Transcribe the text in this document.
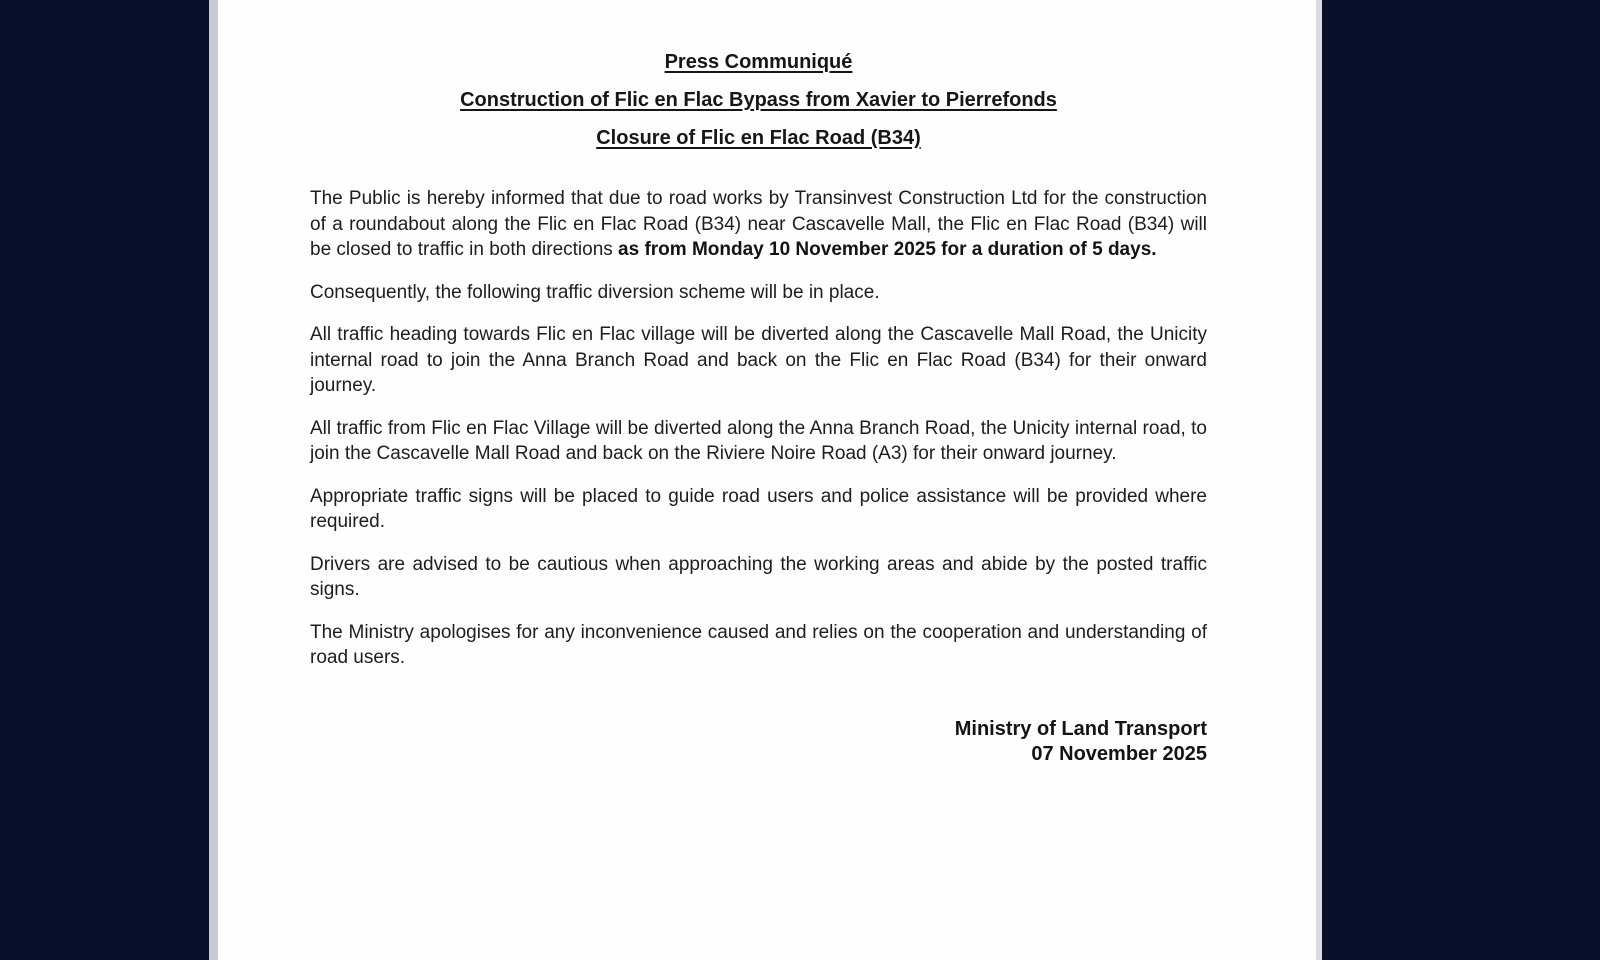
Press Communiqué
Construction of Flic en Flac Bypass from Xavier to Pierrefonds
Closure of Flic en Flac Road (B34)

The Public is hereby informed that due to road works by Transinvest Construction Ltd for the construction of a roundabout along the Flic en Flac Road (B34) near Cascavelle Mall, the Flic en Flac Road (B34) will be closed to traffic in both directions as from Monday 10 November 2025 for a duration of 5 days.

Consequently, the following traffic diversion scheme will be in place.

All traffic heading towards Flic en Flac village will be diverted along the Cascavelle Mall Road, the Unicity internal road to join the Anna Branch Road and back on the Flic en Flac Road (B34) for their onward journey.

All traffic from Flic en Flac Village will be diverted along the Anna Branch Road, the Unicity internal road, to join the Cascavelle Mall Road and back on the Riviere Noire Road (A3) for their onward journey.

Appropriate traffic signs will be placed to guide road users and police assistance will be provided where required.

Drivers are advised to be cautious when approaching the working areas and abide by the posted traffic signs.

The Ministry apologises for any inconvenience caused and relies on the cooperation and understanding of road users.

Ministry of Land Transport
07 November 2025
